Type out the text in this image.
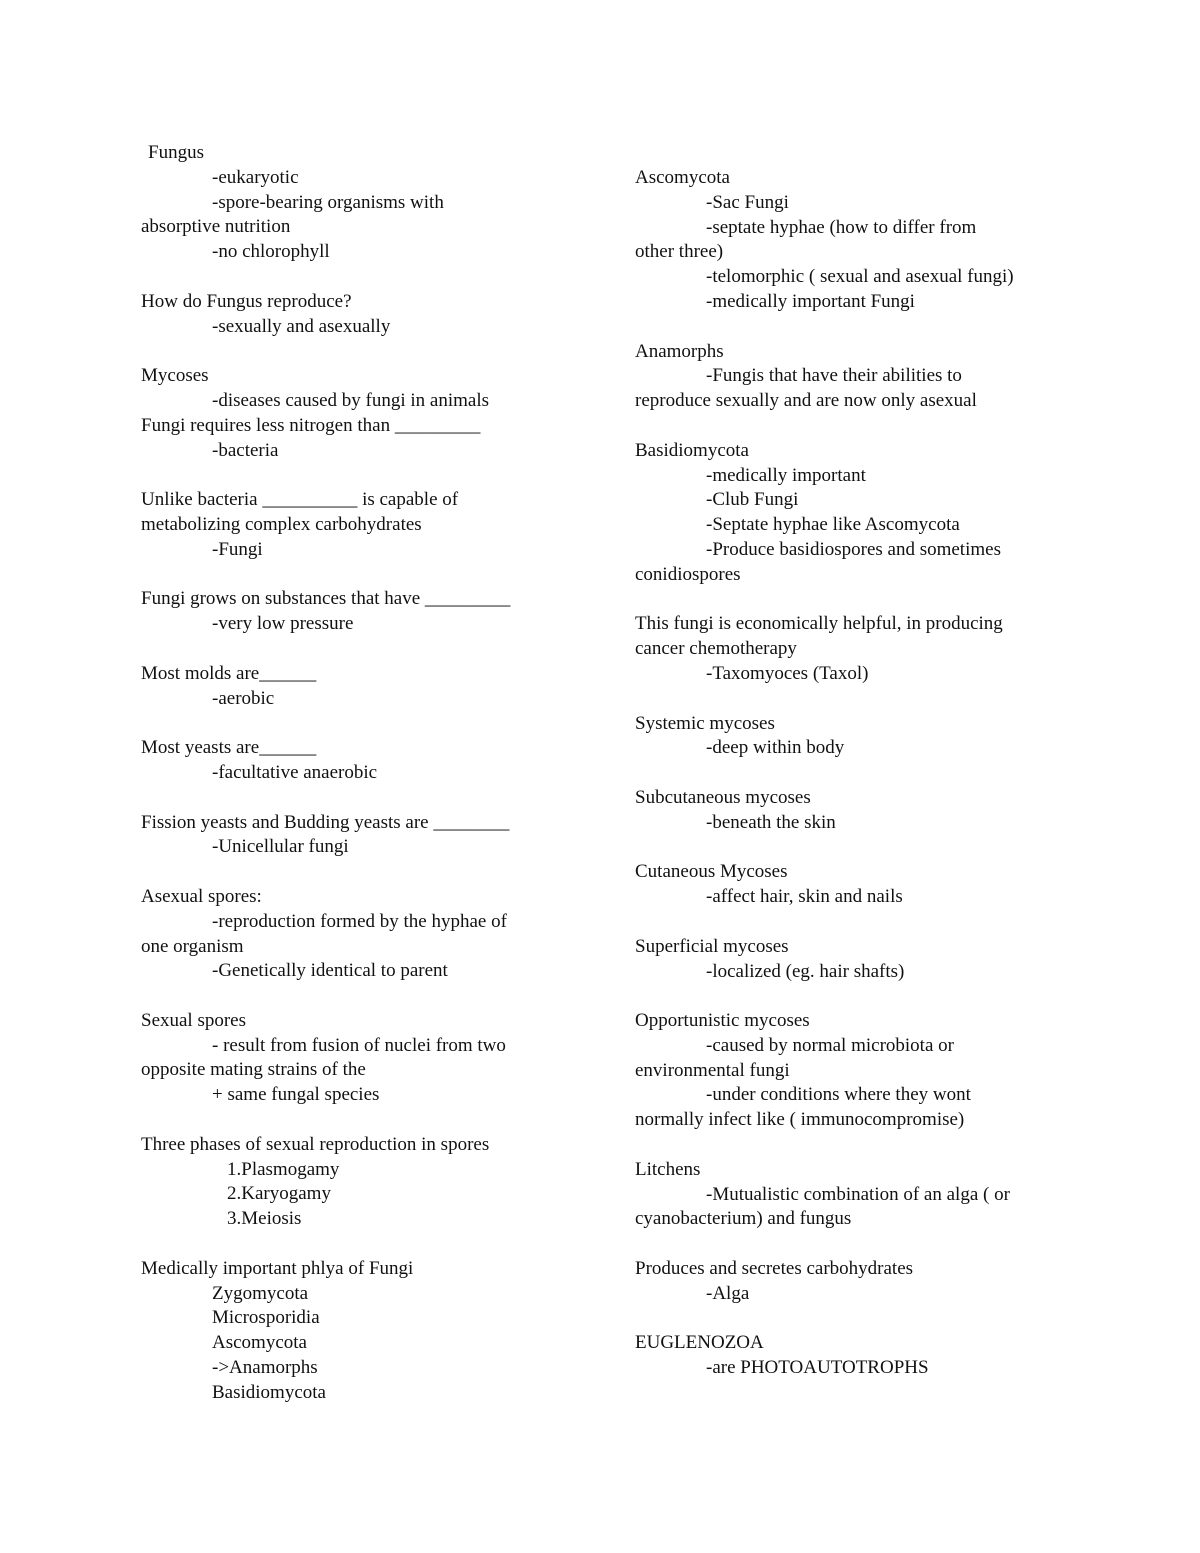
Fungus
-eukaryotic
-spore-bearing organisms with
absorptive nutrition
-no chlorophyll
How do Fungus reproduce?
-sexually and asexually
Mycoses
-diseases caused by fungi in animals
Fungi requires less nitrogen than _________
-bacteria
Unlike bacteria __________ is capable of
metabolizing complex carbohydrates
-Fungi
Fungi grows on substances that have _________
-very low pressure
Most molds are______
-aerobic
Most yeasts are______
-facultative anaerobic
Fission yeasts and Budding yeasts are ________
-Unicellular fungi
Asexual spores:
-reproduction formed by the hyphae of
one organism
-Genetically identical to parent
Sexual spores
- result from fusion of nuclei from two
opposite mating strains of the
+ same fungal species
Three phases of sexual reproduction in spores
1.Plasmogamy
2.Karyogamy
3.Meiosis
Medically important phlya of Fungi
Zygomycota
Microsporidia
Ascomycota
->Anamorphs
Basidiomycota
Ascomycota
-Sac Fungi
-septate hyphae (how to differ from
other three)
-telomorphic ( sexual and asexual fungi)
-medically important Fungi
Anamorphs
-Fungis that have their abilities to
reproduce sexually and are now only asexual
Basidiomycota
-medically important
-Club Fungi
-Septate hyphae like Ascomycota
-Produce basidiospores and sometimes
conidiospores
This fungi is economically helpful, in producing
cancer chemotherapy
-Taxomyoces (Taxol)
Systemic mycoses
-deep within body
Subcutaneous mycoses
-beneath the skin
Cutaneous Mycoses
-affect hair, skin and nails
Superficial mycoses
-localized (eg. hair shafts)
Opportunistic mycoses
-caused by normal microbiota or
environmental fungi
-under conditions where they wont
normally infect like ( immunocompromise)
Litchens
-Mutualistic combination of an alga ( or
cyanobacterium) and fungus
Produces and secretes carbohydrates
-Alga
EUGLENOZOA
-are PHOTOAUTOTROPHS
